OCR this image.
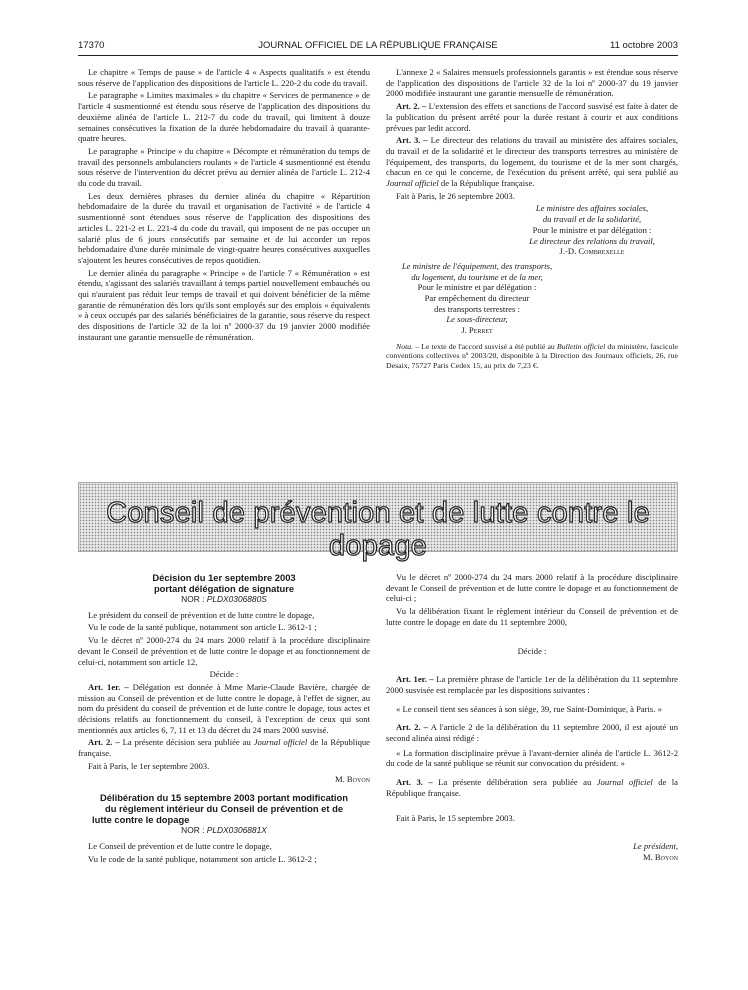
17370	JOURNAL OFFICIEL DE LA RÉPUBLIQUE FRANÇAISE	11 octobre 2003

Le chapitre « Temps de pause » de l'article 4 « Aspects qualitatifs » est étendu sous réserve de l'application des dispositions de l'article L. 220-2 du code du travail.

Le paragraphe « Limites maximales » du chapitre « Services de permanence » de l'article 4 susmentionné est étendu sous réserve de l'application des dispositions du deuxième alinéa de l'article L. 212-7 du code du travail, qui limitent à douze semaines consécutives la fixation de la durée hebdomadaire du travail à quarante-quatre heures.

Le paragraphe « Principe » du chapitre « Décompte et rémunération du temps de travail des personnels ambulanciers roulants » de l'article 4 susmentionné est étendu sous réserve de l'intervention du décret prévu au dernier alinéa de l'article L. 212-4 du code du travail.

Les deux dernières phrases du dernier alinéa du chapitre « Répartition hebdomadaire de la durée du travail et organisation de l'activité » de l'article 4 susmentionné sont étendues sous réserve de l'application des dispositions des articles L. 221-2 et L. 221-4 du code du travail, qui imposent de ne pas occuper un salarié plus de 6 jours consécutifs par semaine et de lui accorder un repos hebdomadaire d'une durée minimale de vingt-quatre heures consécutives auxquelles s'ajoutent les heures consécutives de repos quotidien.

Le dernier alinéa du paragraphe « Principe » de l'article 7 « Rémunération » est étendu, s'agissant des salariés travaillant à temps partiel nouvellement embauchés ou qui n'auraient pas réduit leur temps de travail et qui doivent bénéficier de la même garantie de rémunération dès lors qu'ils sont employés sur des emplois « équivalents » à ceux occupés par des salariés bénéficiaires de la garantie, sous réserve du respect des dispositions de l'article 32 de la loi nº 2000-37 du 19 janvier 2000 modifiée instaurant une garantie mensuelle de rémunération.

L'annexe 2 « Salaires mensuels professionnels garantis » est étendue sous réserve de l'application des dispositions de l'article 32 de la loi nº 2000-37 du 19 janvier 2000 modifiée instaurant une garantie mensuelle de rémunération.

Art. 2. – L'extension des effets et sanctions de l'accord susvisé est faite à dater de la publication du présent arrêté pour la durée restant à courir et aux conditions prévues par ledit accord.

Art. 3. – Le directeur des relations du travail au ministère des affaires sociales, du travail et de la solidarité et le directeur des transports terrestres au ministère de l'équipement, des transports, du logement, du tourisme et de la mer sont chargés, chacun en ce qui le concerne, de l'exécution du présent arrêté, qui sera publié au Journal officiel de la République française.

Fait à Paris, le 26 septembre 2003.

Le ministre des affaires sociales,

du travail et de la solidarité,

Pour le ministre et par délégation :

Le directeur des relations du travail,

J.-D. Combrexelle

Le ministre de l'équipement, des transports,

du logement, du tourisme et de la mer,

Pour le ministre et par délégation :

Par empêchement du directeur

des transports terrestres :

Le sous-directeur,

J. Perret

Nota. – Le texte de l'accord susvisé a été publié au Bulletin officiel du ministère, fascicule conventions collectives nº 2003/20, disponible à la Direction des Journaux officiels, 26, rue Desaix, 75727 Paris Cedex 15, au prix de 7,23 €.

Conseil de prévention et de lutte contre le dopage

Décision du 1er septembre 2003

portant délégation de signature

NOR : PLDX0306880S

Le président du conseil de prévention et de lutte contre le dopage,

Vu le code de la santé publique, notamment son article L. 3612-1 ;

Vu le décret nº 2000-274 du 24 mars 2000 relatif à la procédure disciplinaire devant le Conseil de prévention et de lutte contre le dopage et au fonctionnement de celui-ci, notamment son article 12,

Décide :

Art. 1er. – Délégation est donnée à Mme Marie-Claude Bavière, chargée de mission au Conseil de prévention et de lutte contre le dopage, à l'effet de signer, au nom du président du conseil de prévention et de lutte contre le dopage, tous actes et décisions relatifs au fonctionnement du conseil, à l'exception de ceux qui sont mentionnés aux articles 6, 7, 11 et 13 du décret du 24 mars 2000 susvisé.

Art. 2. – La présente décision sera publiée au Journal officiel de la République française.

Fait à Paris, le 1er septembre 2003.

M. Boyon

Délibération du 15 septembre 2003 portant modification

du règlement intérieur du Conseil de prévention et de

lutte contre le dopage

NOR : PLDX0306881X

Le Conseil de prévention et de lutte contre le dopage,

Vu le code de la santé publique, notamment son article L. 3612-2 ;

Vu le décret nº 2000-274 du 24 mars 2000 relatif à la procédure disciplinaire devant le Conseil de prévention et de lutte contre le dopage et au fonctionnement de celui-ci ;

Vu la délibération fixant le règlement intérieur du Conseil de prévention et de lutte contre le dopage en date du 11 septembre 2000,

Décide :

Art. 1er. – La première phrase de l'article 1er de la délibération du 11 septembre 2000 susvisée est remplacée par les dispositions suivantes :

« Le conseil tient ses séances à son siège, 39, rue Saint-Dominique, à Paris. »

Art. 2. – A l'article 2 de la délibération du 11 septembre 2000, il est ajouté un second alinéa ainsi rédigé :

« La formation disciplinaire prévue à l'avant-dernier alinéa de l'article L. 3612-2 du code de la santé publique se réunit sur convocation du président. »

Art. 3. – La présente délibération sera publiée au Journal officiel de la République française.

Fait à Paris, le 15 septembre 2003.

Le président,

M. Boyon
